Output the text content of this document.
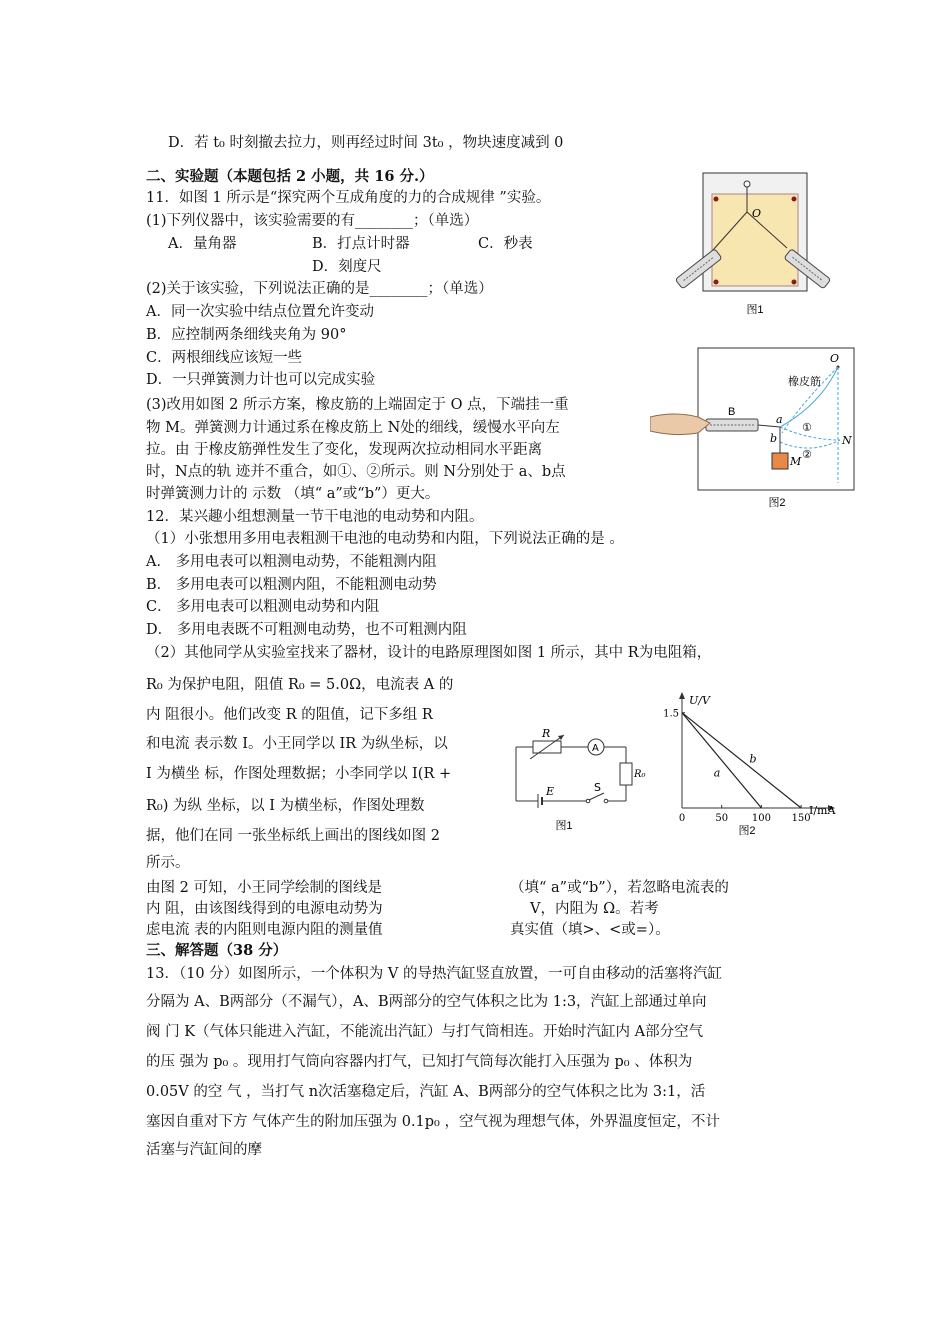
D．若 t₀ 时刻撤去拉力，则再经过时间 3t₀ ，物块速度减到 0
二、实验题（本题包括 2 小题，共 16 分.）
11．如图 1 所示是“探究两个互成角度的力的合成规律 ”实验。
(1)下列仪器中，该实验需要的有________；（单选）
A．量角器	B．打点计时器	C．秒表
D．刻度尺
(2)关于该实验，下列说法正确的是________；（单选）
A．同一次实验中结点位置允许变动
B．应控制两条细线夹角为 90°
C．两根细线应该短一些
D．一只弹簧测力计也可以完成实验
(3)改用如图 2 所示方案，橡皮筋的上端固定于 O 点，下端挂一重
物 M。弹簧测力计通过系在橡皮筋上 N处的细线，缓慢水平向左
拉。由 于橡皮筋弹性发生了变化，发现两次拉动相同水平距离
时，N点的轨 迹并不重合，如①、②所示。则 N分别处于 a、b点
时弹簧测力计的 示数 （填“ a”或“b”）更大。
O
图1
O
橡皮筋
B
a
b	N
M
①
②
图2
12．某兴趣小组想测量一节干电池的电动势和内阻。
（1）小张想用多用电表粗测干电池的电动势和内阻，下列说法正确的是 。
A． 多用电表可以粗测电动势，不能粗测内阻
B． 多用电表可以粗测内阻，不能粗测电动势
C． 多用电表可以粗测电动势和内阻
D． 多用电表既不可粗测电动势，也不可粗测内阻
（2）其他同学从实验室找来了器材，设计的电路原理图如图 1 所示，其中 R为电阻箱，
R₀ 为保护电阻，阻值 R₀ = 5.0Ω，电流表 A 的
内 阻很小。他们改变 R 的阻值，记下多组 R
和电流 表示数 I。小王同学以 IR 为纵坐标，以
I 为横坐 标，作图处理数据；小李同学以 I(R +
R₀) 为纵 坐标，以 I 为横坐标，作图处理数
据，他们在同 一张坐标纸上画出的图线如图 2
所示。
由图 2 可知，小王同学绘制的图线是
内 阻，由该图线得到的电源电动势为
虑电流 表的内阻则电源内阻的测量值
（填“ a”或“b”），若忽略电流表的
V，内阻为 Ω。若考
真实值（填>、<或=）。
R
A
R₀
E	S
图1
U/V
I/mA
图2
a
b
0	50 100 150
1.5
三、解答题（38 分）
13．（10 分）如图所示，一个体积为 V 的导热汽缸竖直放置，一可自由移动的活塞将汽缸
分隔为 A、B两部分（不漏气），A、B两部分的空气体积之比为 1:3，汽缸上部通过单向
阀 门 K（气体只能进入汽缸，不能流出汽缸）与打气筒相连。开始时汽缸内 A部分空气
的压 强为 p₀ 。现用打气筒向容器内打气，已知打气筒每次能打入压强为 p₀ 、体积为
0.05V 的空 气 ，当打气 n次活塞稳定后，汽缸 A、B两部分的空气体积之比为 3:1，活
塞因自重对下方 气体产生的附加压强为 0.1p₀ ，空气视为理想气体，外界温度恒定，不计
活塞与汽缸间的摩
